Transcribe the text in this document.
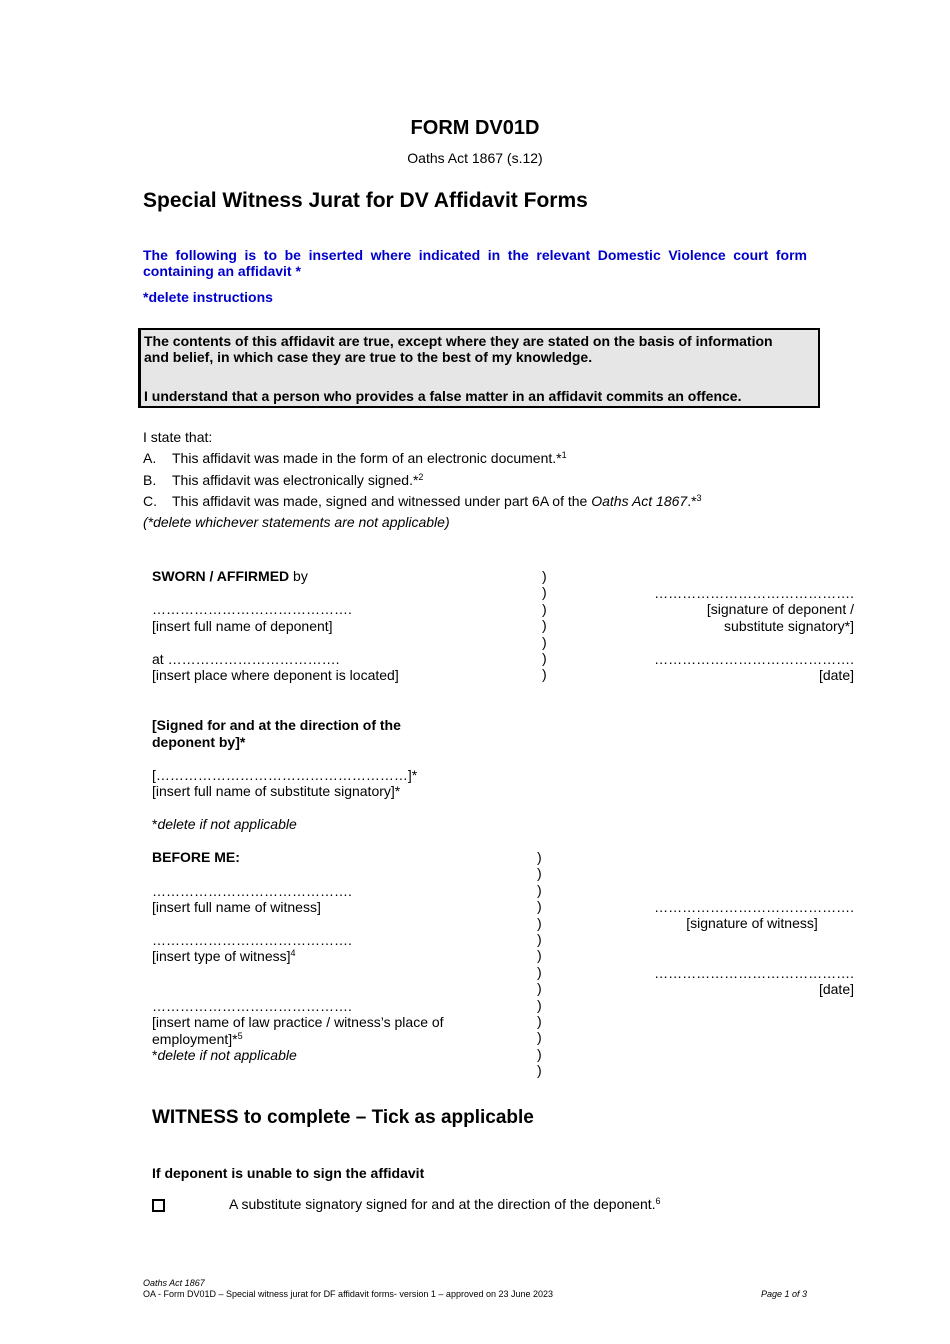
FORM DV01D
Oaths Act 1867 (s.12)
Special Witness Jurat for DV Affidavit Forms
The following is to be inserted where indicated in the relevant Domestic Violence court form
containing an affidavit *
*delete instructions
The contents of this affidavit are true, except where they are stated on the basis of information
and belief, in which case they are true to the best of my knowledge.
I understand that a person who provides a false matter in an affidavit commits an offence.
I state that:
A. This affidavit was made in the form of an electronic document.*$^1$
B. This affidavit was electronically signed.*$^2$
C. This affidavit was made, signed and witnessed under part 6A of the Oaths Act 1867.*$^3$
(*delete whichever statements are not applicable)
SWORN / AFFIRMED by
…………………………………….
[insert full name of deponent]
at ……………………………….
[insert place where deponent is located]
)
)
)
)
)
)
)
…………………………………….
[signature of deponent /
substitute signatory*]
…………………………………….
[date]
[Signed for and at the direction of the
deponent by]*
[………………………………………………]*
[insert full name of substitute signatory]*
*delete if not applicable
BEFORE ME:
…………………………………….
[insert full name of witness]
…………………………………….
[insert type of witness]$^4$
…………………………………….
[insert name of law practice / witness’s place of
employment]*$^5$
*delete if not applicable
)
)
)
)
)
)
)
)
)
)
)
)
)
)
…………………………………….
[signature of witness]
…………………………………….
[date]
WITNESS to complete – Tick as applicable
If deponent is unable to sign the affidavit
A substitute signatory signed for and at the direction of the deponent.$^6$
Oaths Act 1867
OA - Form DV01D – Special witness jurat for DF affidavit forms- version 1 – approved on 23 June 2023	Page 1 of 3
